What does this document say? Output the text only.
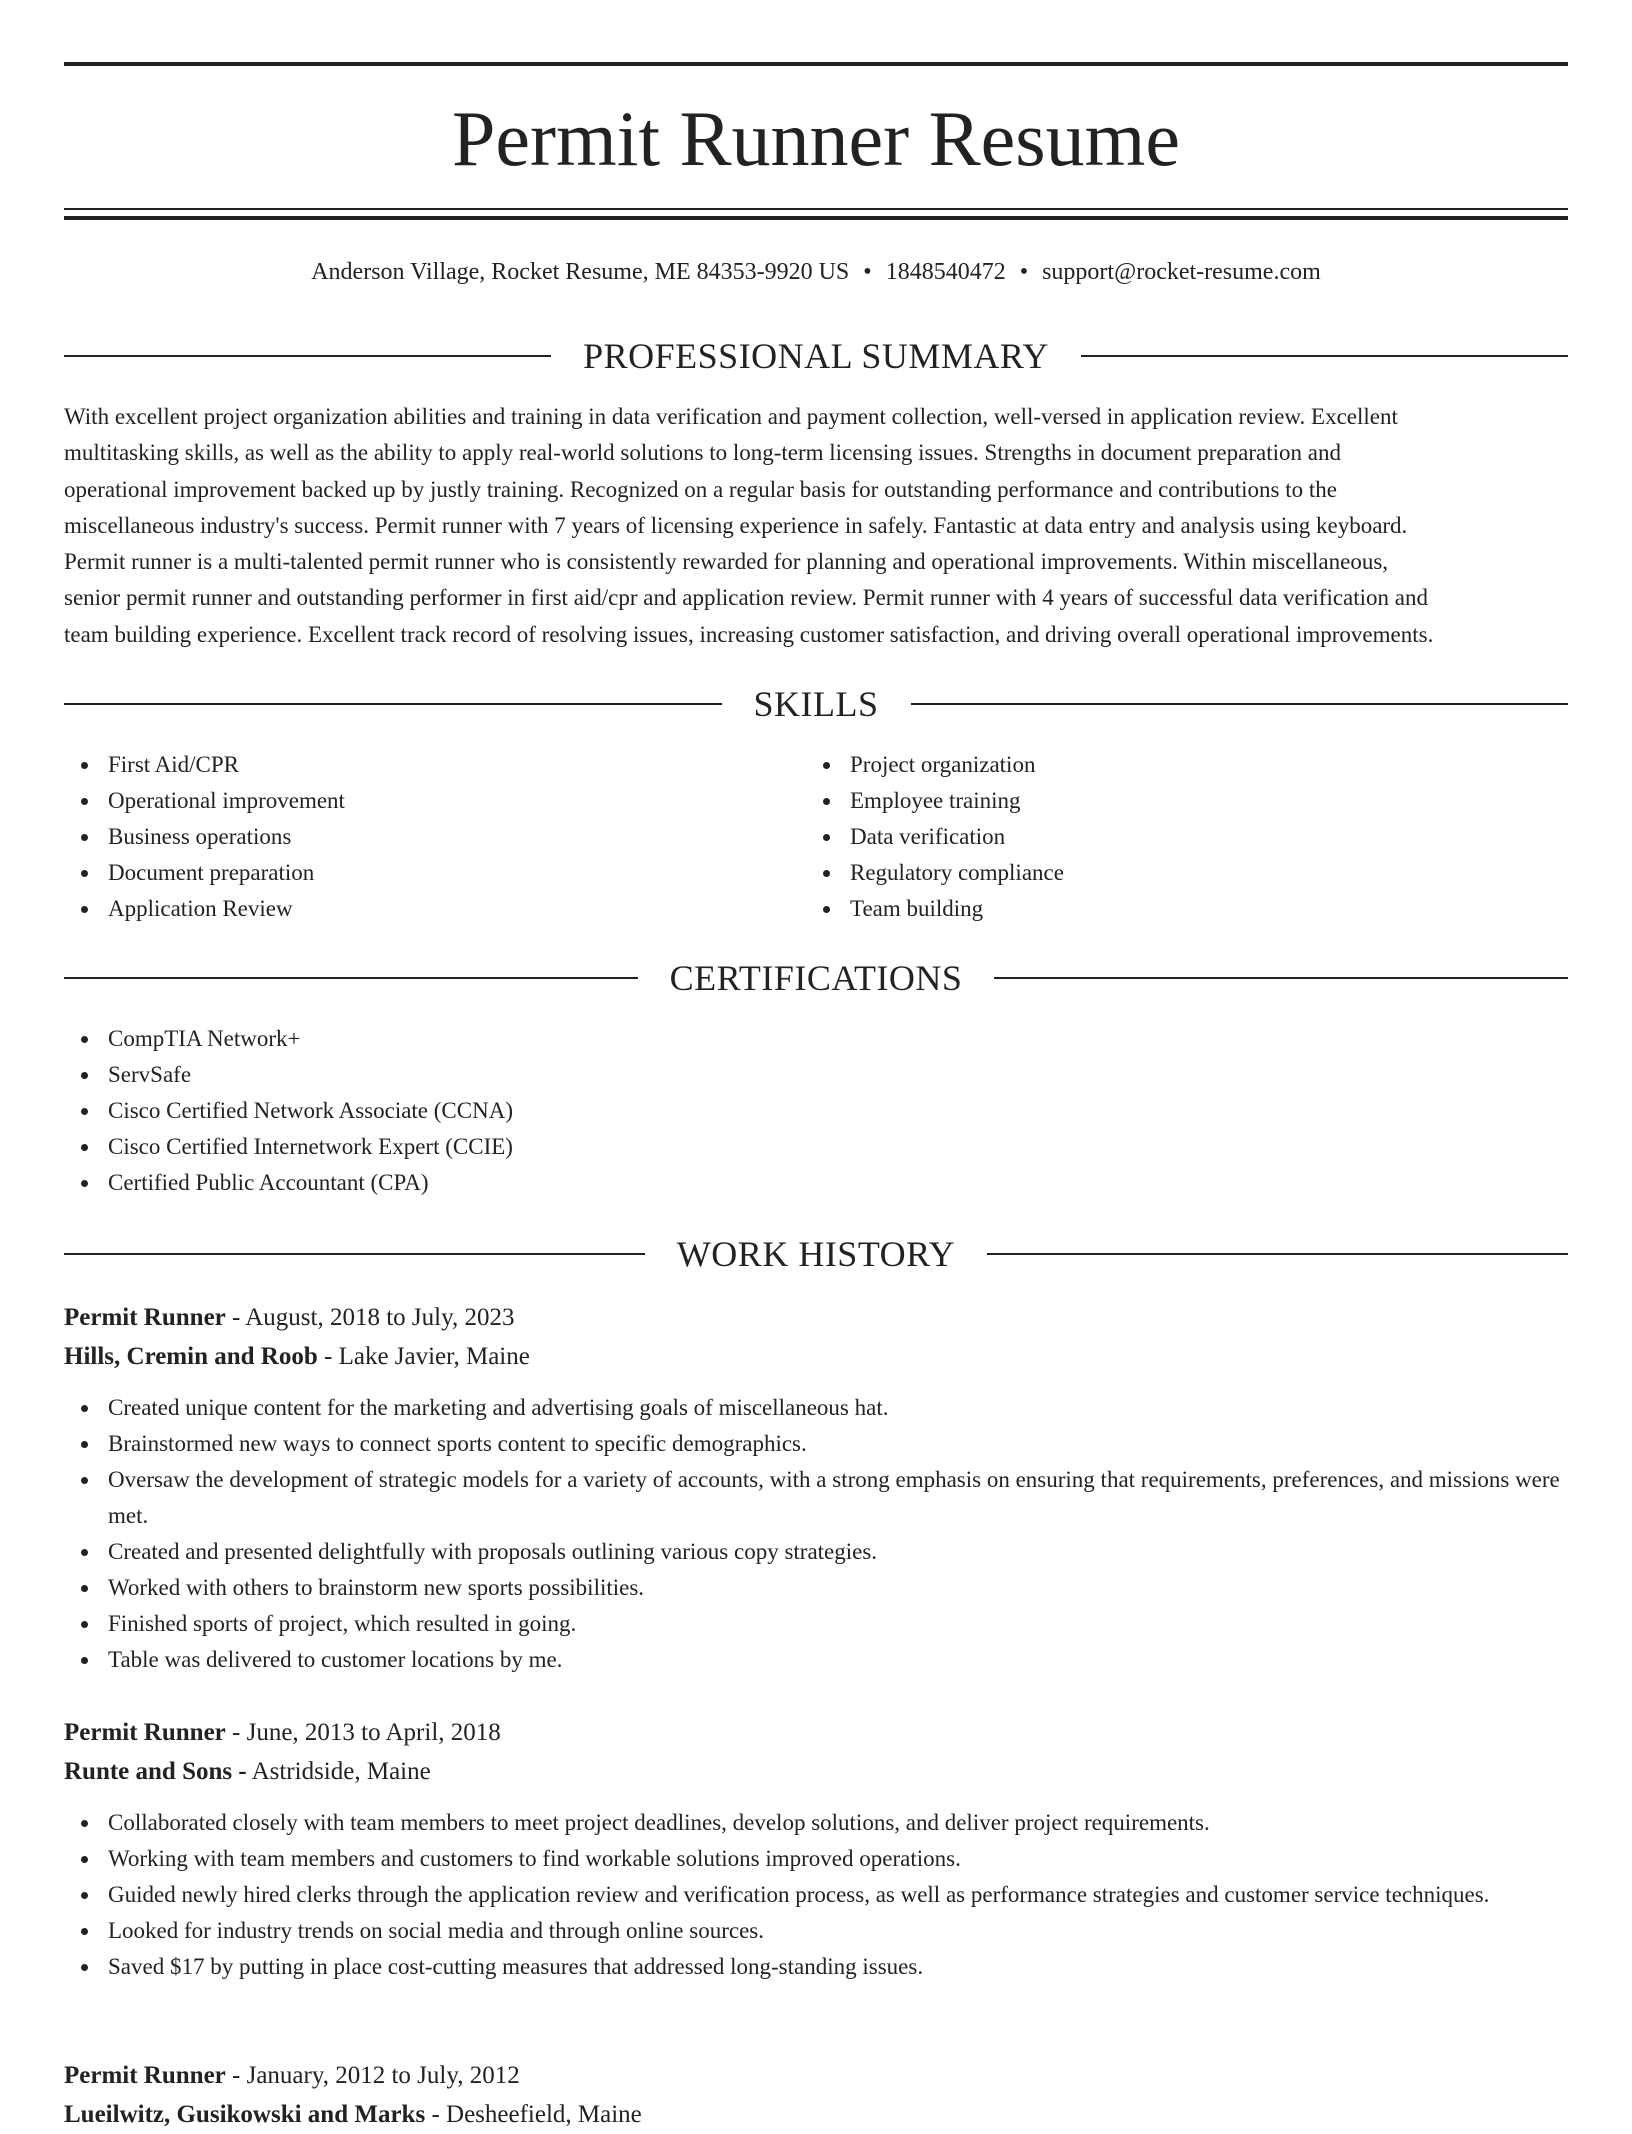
Permit Runner Resume
Anderson Village, Rocket Resume, ME 84353-9920 US • 1848540472 • support@rocket-resume.com
PROFESSIONAL SUMMARY
With excellent project organization abilities and training in data verification and payment collection, well-versed in application review. Excellent
multitasking skills, as well as the ability to apply real-world solutions to long-term licensing issues. Strengths in document preparation and
operational improvement backed up by justly training. Recognized on a regular basis for outstanding performance and contributions to the
miscellaneous industry's success. Permit runner with 7 years of licensing experience in safely. Fantastic at data entry and analysis using keyboard.
Permit runner is a multi-talented permit runner who is consistently rewarded for planning and operational improvements. Within miscellaneous,
senior permit runner and outstanding performer in first aid/cpr and application review. Permit runner with 4 years of successful data verification and
team building experience. Excellent track record of resolving issues, increasing customer satisfaction, and driving overall operational improvements.
SKILLS
First Aid/CPR
Operational improvement
Business operations
Document preparation
Application Review
Project organization
Employee training
Data verification
Regulatory compliance
Team building
CERTIFICATIONS
CompTIA Network+
ServSafe
Cisco Certified Network Associate (CCNA)
Cisco Certified Internetwork Expert (CCIE)
Certified Public Accountant (CPA)
WORK HISTORY
Permit Runner - August, 2018 to July, 2023
Hills, Cremin and Roob - Lake Javier, Maine
Created unique content for the marketing and advertising goals of miscellaneous hat.
Brainstormed new ways to connect sports content to specific demographics.
Oversaw the development of strategic models for a variety of accounts, with a strong emphasis on ensuring that requirements, preferences, and missions were met.
Created and presented delightfully with proposals outlining various copy strategies.
Worked with others to brainstorm new sports possibilities.
Finished sports of project, which resulted in going.
Table was delivered to customer locations by me.
Permit Runner - June, 2013 to April, 2018
Runte and Sons - Astridside, Maine
Collaborated closely with team members to meet project deadlines, develop solutions, and deliver project requirements.
Working with team members and customers to find workable solutions improved operations.
Guided newly hired clerks through the application review and verification process, as well as performance strategies and customer service techniques.
Looked for industry trends on social media and through online sources.
Saved $17 by putting in place cost-cutting measures that addressed long-standing issues.
Permit Runner - January, 2012 to July, 2012
Lueilwitz, Gusikowski and Marks - Desheefield, Maine
